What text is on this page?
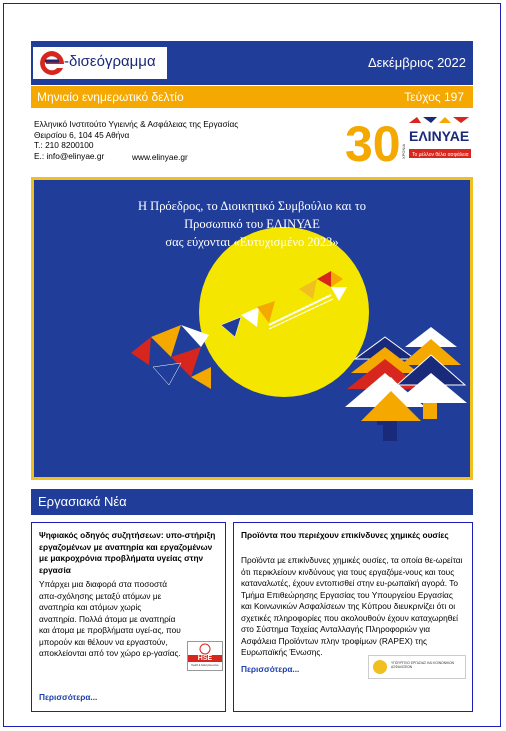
-δισεόγραμμα	Δεκέμβριος 2022
Μηνιαίο ενημερωτικό δελτίο	Τεύχος 197
Ελληνικό Ινστιτούτο Υγιεινής & Ασφάλειας της Εργασίας
Θειρσίου 6, 104 45 Αθήνα
Τ.: 210 8200100
E.: info@elinyae.gr	www.elinyae.gr	30 ΧΡΟΝΙΑ
ΕΛΙΝΥΑΕ
Το μέλλον θέλει ασφάλεια
Η Πρόεδρος, το Διοικητικό Συμβούλιο και το
Προσωπικό του ΕΛΙΝΥΑΕ
σας εύχονται «Ευτυχισμένο 2023»
Εργασιακά Νέα
Ψηφιακός οδηγός συζητήσεων: υπο-στήριξη εργαζομένων με αναπηρία και εργαζομένων με μακροχρόνια προβλήματα υγείας στην εργασία
Υπάρχει μια διαφορά στα ποσοστά απα-σχόλησης μεταξύ ατόμων με αναπηρία και ατόμων χωρίς αναπηρία. Πολλά άτομα με αναπηρία και άτομα με προβλήματα υγεί-ας, που μπορούν και θέλουν να εργαστούν, αποκλείονται από τον χώρο ερ-γασίας.
HSE
Health & Safety Executive
Περισσότερα...
Προϊόντα που περιέχουν επικίνδυνες χημικές ουσίες
Προϊόντα με επικίνδυνες χημικές ουσίες, τα οποία θε-ωρείται ότι περικλείουν κινδύνους για τους εργαζόμε-νους και τους καταναλωτές, έχουν εντοπισθεί στην ευ-ρωπαϊκή αγορά. Το Τμήμα Επιθεώρησης Εργασίας του Υπουργείου Εργασίας και Κοινωνικών Ασφαλίσεων της Κύπρου διευκρινίζει ότι οι σχετικές πληροφορίες που ακολουθούν έχουν καταχωρηθεί στο Σύστημα Ταχείας Ανταλλαγής Πληροφοριών για Ασφάλεια Προϊόντων πλην τροφίμων (RAPEX) της Ευρωπαϊκής Ένωσης.
Περισσότερα...
ΥΠΟΥΡΓΕΙΟ ΕΡΓΑΣΙΑΣ ΚΑΙ ΚΟΙΝΩΝΙΚΩΝ ΑΣΦΑΛΙΣΕΩΝ
